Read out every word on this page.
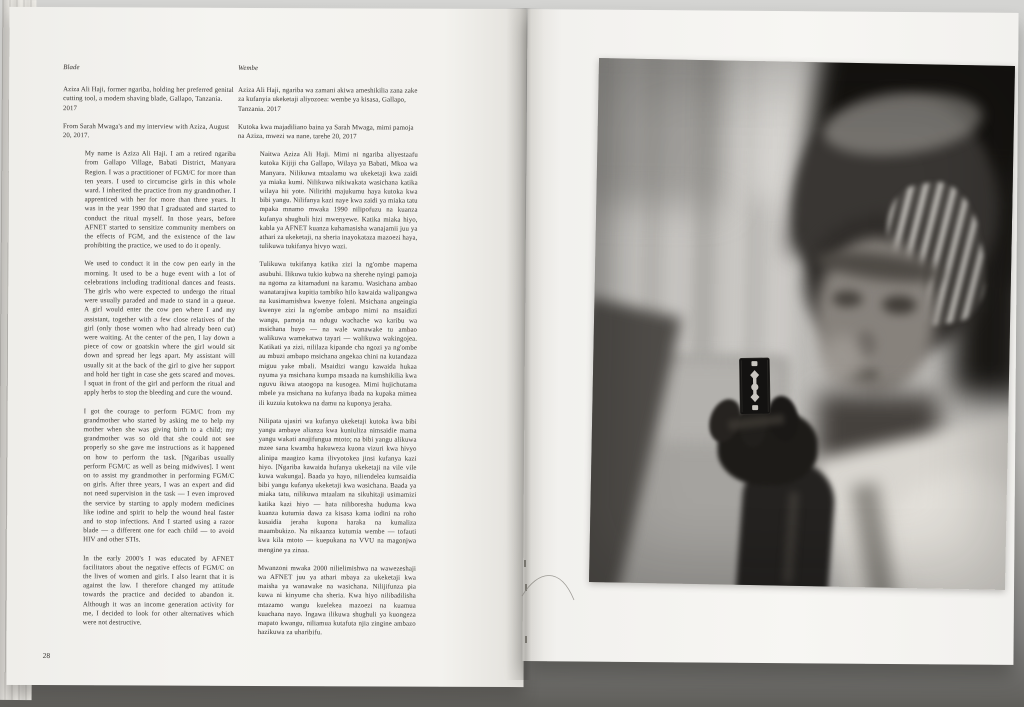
Blade

Aziza Ali Haji, former ngariba, holding her preferred genital cutting tool, a modern shaving blade, Gallapo, Tanzania. 2017

From Sarah Mwaga's and my interview with Aziza, August 20, 2017.

My name is Aziza Ali Haji. I am a retired ngariba from Gallapo Village, Babati District, Manyara Region. I was a practitioner of FGM/C for more than ten years. I used to circumcise girls in this whole ward. I inherited the practice from my grandmother. I apprenticed with her for more than three years. It was in the year 1990 that I graduated and started to conduct the ritual myself. In those years, before AFNET started to sensitize community members on the effects of FGM, and the existence of the law prohibiting the practice, we used to do it openly.

We used to conduct it in the cow pen early in the morning. It used to be a huge event with a lot of celebrations including traditional dances and feasts. The girls who were expected to undergo the ritual were usually paraded and made to stand in a queue. A girl would enter the cow pen where I and my assistant, together with a few close relatives of the girl (only those women who had already been cut) were waiting. At the center of the pen, I lay down a piece of cow or goatskin where the girl would sit down and spread her legs apart. My assistant will usually sit at the back of the girl to give her support and hold her tight in case she gets scared and moves. I squat in front of the girl and perform the ritual and apply herbs to stop the bleeding and cure the wound.

I got the courage to perform FGM/C from my grandmother who started by asking me to help my mother when she was giving birth to a child; my grandmother was so old that she could not see properly so she gave me instructions as it happened on how to perform the task. [Ngaribas usually perform FGM/C as well as being midwives]. I went on to assist my grandmother in performing FGM/C on girls. After three years, I was an expert and did not need supervision in the task — I even improved the service by starting to apply modern medicines like iodine and spirit to help the wound heal faster and to stop infections. And I started using a razor blade — a different one for each child — to avoid HIV and other STIs.

In the early 2000's I was educated by AFNET facilitators about the negative effects of FGM/C on the lives of women and girls. I also learnt that it is against the law. I therefore changed my attitude towards the practice and decided to abandon it. Although it was an income generation activity for me, I decided to look for other alternatives which were not destructive.

Wembe

Aziza Ali Haji, ngariba wa zamani akiwa ameshikilia zana zake za kufanyia ukeketaji aliyozoea: wembe ya kisasa, Gallapo, Tanzania. 2017

Kutoka kwa majadiliano baina ya Sarah Mwaga, mimi pamoja na Aziza, mwezi wa nane, tarehe 20, 2017

Naitwa Aziza Ali Haji. Mimi ni ngariba aliyestaafu kutoka Kijiji cha Gallapo, Wilaya ya Babati, Mkoa wa Manyara. Nilikuwa mtaalamu wa ukeketaji kwa zaidi ya miaka kumi. Nilikuwa nikiwakata wasichana katika wilaya hii yote. Nilirithi majukumu haya kutoka kwa bibi yangu. Nilifanya kazi naye kwa zaidi ya miaka tatu mpaka mnamo mwaka 1990 nilipofuzu na kuanza kufanya shughuli hizi mwenyewe. Katika miaka hiyo, kabla ya AFNET kuanza kuhamasisha wanajamii juu ya athari za ukeketaji, na sheria inayokataza mazoezi haya, tulikuwa tukifanya hivyo wazi.

Tulikuwa tukifanya katika zizi la ng'ombe mapema asubuhi. Ilikuwa tukio kubwa na sherehe nyingi pamoja na ngoma za kitamaduni na karamu. Wasichana ambao wanatarajiwa kupitia tambiko hilo kawaida walipangwa na kusimamishwa kwenye foleni. Msichana angeingia kwenye zizi la ng'ombe ambapo mimi na msaidizi wangu, pamoja na ndugu wachache wa karibu wa msichana huyo — na wale wanawake tu ambao walikuwa wamekatwa tayari — walikuwa wakingojea. Katikati ya zizi, nililaza kipande cha ngozi ya ng'ombe au mbuzi ambapo msichana angekaa chini na kutandaza miguu yake mbali. Msaidizi wangu kawaida hukaa nyuma ya msichana kumpa msaada na kumshikilia kwa nguvu ikiwa ataogopa na kusogea. Mimi hujichutama mbele ya msichana na kufanya ibada na kupaka mimea ili kuzuia kutokwa na damu na kuponya jeraha.

Nilipata ujasiri wa kufanya ukeketaji kutoka kwa bibi yangu ambaye alianza kwa kuniuliza nimsaidie mama yangu wakati anajifungua mtoto; na bibi yangu alikuwa mzee sana kwamba hakuweza kuona vizuri kwa hivyo alinipa maagizo kama ilivyotokea jinsi kufanya kazi hiyo. [Ngariba kawaida hufanya ukeketaji na vile vile kuwa wakunga]. Baada ya hayo, niliendelea kumsaidia bibi yangu kufanya ukeketaji kwa wasichana. Baada ya miaka tatu, nilikuwa mtaalam na sikuhitaji usimamizi katika kazi hiyo — hata niliboresha huduma kwa kuanza kutumia dawa za kisasa kama iodini na roho kusaidia jeraha kupona haraka na kumaliza maambukizo. Na nikaanza kutumia wembe — tofauti kwa kila mtoto — kuepukana na VVU na magonjwa mengine ya zinaa.

Mwanzoni mwaka 2000 nilielimishwa na wawezeshaji wa AFNET juu ya athari mbaya za ukeketaji kwa maisha ya wanawake na wasichana. Nilijifunza pia kuwa ni kinyume cha sheria. Kwa hiyo nilibadilisha mtazamo wangu kuelekea mazoezi na kuamua kuachana nayo. Ingawa ilikuwa shughuli ya kuongeza mapato kwangu, niliamua kutafuta njia zingine ambazo hazikuwa za uharibifu.

28
